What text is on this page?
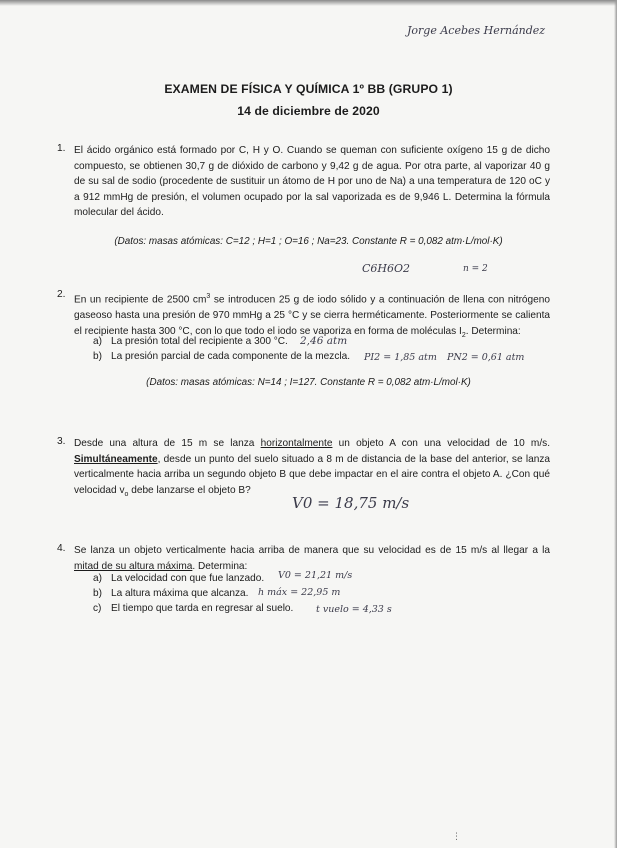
Jorge Acebes Hernández
EXAMEN DE FÍSICA Y QUÍMICA 1º BB (GRUPO 1)
14 de diciembre de 2020
1. El ácido orgánico está formado por C, H y O. Cuando se queman con suficiente oxígeno 15 g de dicho compuesto, se obtienen 30,7 g de dióxido de carbono y 9,42 g de agua. Por otra parte, al vaporizar 40 g de su sal de sodio (procedente de sustituir un átomo de H por uno de Na) a una temperatura de 120 oC y a 912 mmHg de presión, el volumen ocupado por la sal vaporizada es de 9,946 L. Determina la fórmula molecular del ácido.

(Datos: masas atómicas: C=12 ; H=1 ; O=16 ; Na=23. Constante R = 0,082 atm·L/mol·K)
C6H6O2	n = 2
2. En un recipiente de 2500 $cm^3$ se introducen 25 g de iodo sólido y a continuación de llena con nitrógeno gaseoso hasta una presión de 970 mmHg a 25 °C y se cierra herméticamente. Posteriormente se calienta el recipiente hasta 300 °C, con lo que todo el iodo se vaporiza en forma de moléculas $I_2$. Determina:

a) La presión total del recipiente a 300 °C. 2,46 atm
b) La presión parcial de cada componente de la mezcla. PI2 = 1,85 atm PN2 = 0,61 atm
(Datos: masas atómicas: N=14 ; I=127. Constante R = 0,082 atm·L/mol·K)
3. Desde una altura de 15 m se lanza horizontalmente un objeto A con una velocidad de 10 m/s. Simultáneamente, desde un punto del suelo situado a 8 m de distancia de la base del anterior, se lanza verticalmente hacia arriba un segundo objeto B que debe impactar en el aire contra el objeto A. ¿Con qué velocidad $v_o$ debe lanzarse el objeto B?

V0 = 18,75 m/s
4. Se lanza un objeto verticalmente hacia arriba de manera que su velocidad es de 15 m/s al llegar a la mitad de su altura máxima. Determina:

a) La velocidad con que fue lanzado. V0 = 21,21 m/s
b) La altura máxima que alcanza. h máx = 22,95 m
c) El tiempo que tarda en regresar al suelo. t vuelo = 4,33 s
⋮
